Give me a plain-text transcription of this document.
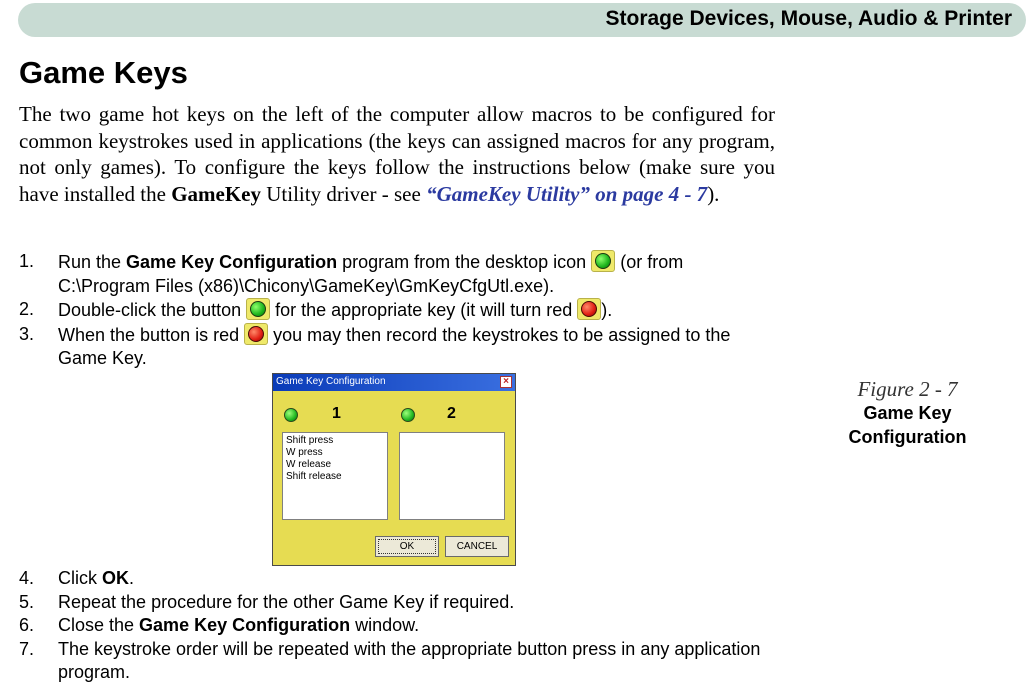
Storage Devices, Mouse, Audio & Printer
Game Keys

The two game hot keys on the left of the computer allow macros to be configured for common keystrokes used in applications (the keys can assigned macros for any program, not only games). To configure the keys follow the instructions below (make sure you have installed the GameKey Utility driver - see “GameKey Utility” on page 4 - 7).

1. Run the Game Key Configuration program from the desktop icon
(or from C:\Program Files (x86)\Chicony\GameKey\GmKeyCfgUtl.exe).
2. Double-click the button
for the appropriate key (it will turn red
).
3. When the button is red
you may then record the keystrokes to be assigned to the Game Key.
Game Key Configuration	×
1	2
Shift press
W press
W release
Shift release
OK	CANCEL
Figure 2 - 7
Game Key
Configuration
4. Click OK.
5. Repeat the procedure for the other Game Key if required.
6. Close the Game Key Configuration window.
7. The keystroke order will be repeated with the appropriate button press in any application program.
